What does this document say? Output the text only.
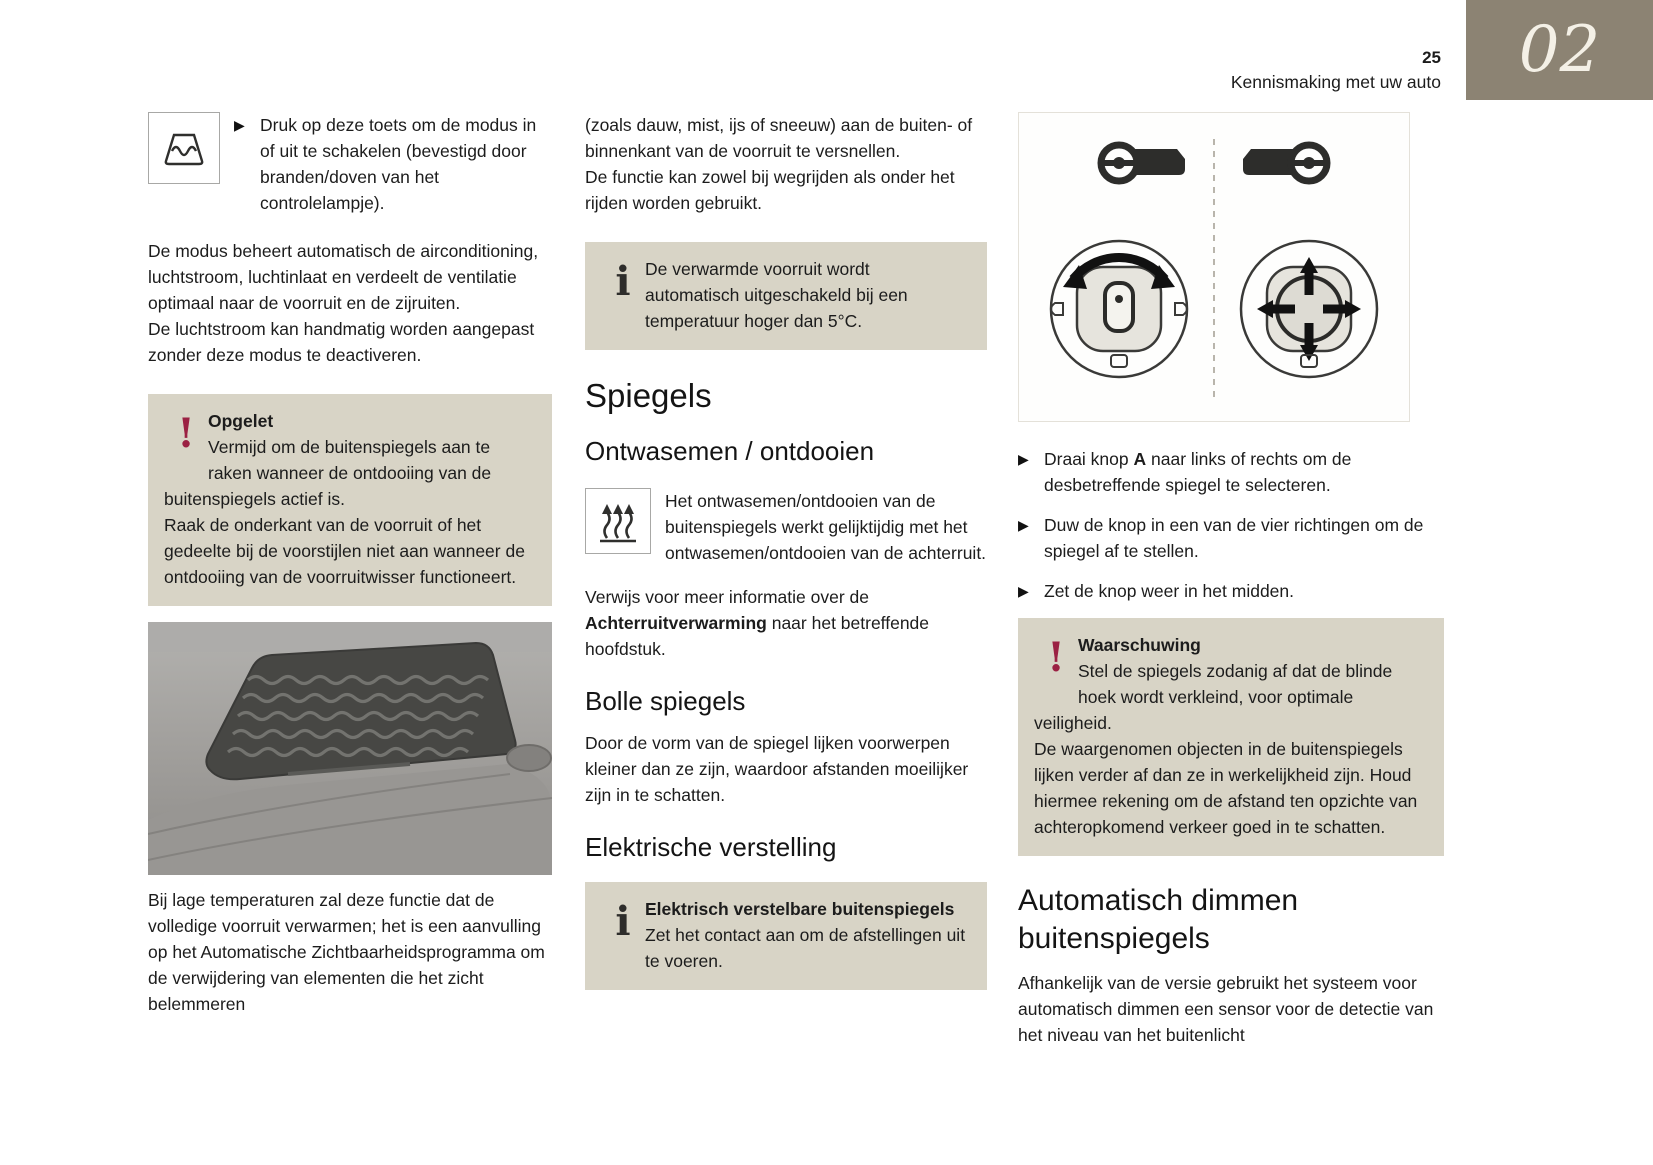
25
Kennismaking met uw auto 02
▶ Druk op deze toets om de modus in of uit te schakelen (bevestigd door branden/doven van het controlelampje).

De modus beheert automatisch de airconditioning, luchtstroom, luchtinlaat en verdeelt de ventilatie optimaal naar de voorruit en de zijruiten.

De luchtstroom kan handmatig worden aangepast zonder deze modus te deactiveren.

! Opgelet

Vermijd om de buitenspiegels aan te raken wanneer de ontdooiing van de buitenspiegels actief is.

Raak de onderkant van de voorruit of het gedeelte bij de voorstijlen niet aan wanneer de ontdooiing van de voorruitwisser functioneert.

Bij lage temperaturen zal deze functie dat de volledige voorruit verwarmen; het is een aanvulling op het Automatische Zichtbaarheidsprogramma om de verwijdering van elementen die het zicht belemmeren

(zoals dauw, mist, ijs of sneeuw) aan de buiten- of binnenkant van de voorruit te versnellen.

De functie kan zowel bij wegrijden als onder het rijden worden gebruikt.

i De verwarmde voorruit wordt automatisch uitgeschakeld bij een temperatuur hoger dan 5°C.

Spiegels
Ontwasemen / ontdooien

Het ontwasemen/ontdooien van de buitenspiegels werkt gelijktijdig met het ontwasemen/ontdooien van de achterruit.

Verwijs voor meer informatie over de Achterruitverwarming naar het betreffende hoofdstuk.

Bolle spiegels

Door de vorm van de spiegel lijken voorwerpen kleiner dan ze zijn, waardoor afstanden moeilijker zijn in te schatten.

Elektrische verstelling
i Elektrisch verstelbare buitenspiegels

Zet het contact aan om de afstellingen uit te voeren.

▶ Draai knop A naar links of rechts om de desbetreffende spiegel te selecteren.

▶ Duw de knop in een van de vier richtingen om de spiegel af te stellen.

▶ Zet de knop weer in het midden.

! Waarschuwing

Stel de spiegels zodanig af dat de blinde hoek wordt verkleind, voor optimale veiligheid.

De waargenomen objecten in de buitenspiegels lijken verder af dan ze in werkelijkheid zijn. Houd hiermee rekening om de afstand ten opzichte van achteropkomend verkeer goed in te schatten.

Automatisch dimmen buitenspiegels

Afhankelijk van de versie gebruikt het systeem voor automatisch dimmen een sensor voor de detectie van het niveau van het buitenlicht
